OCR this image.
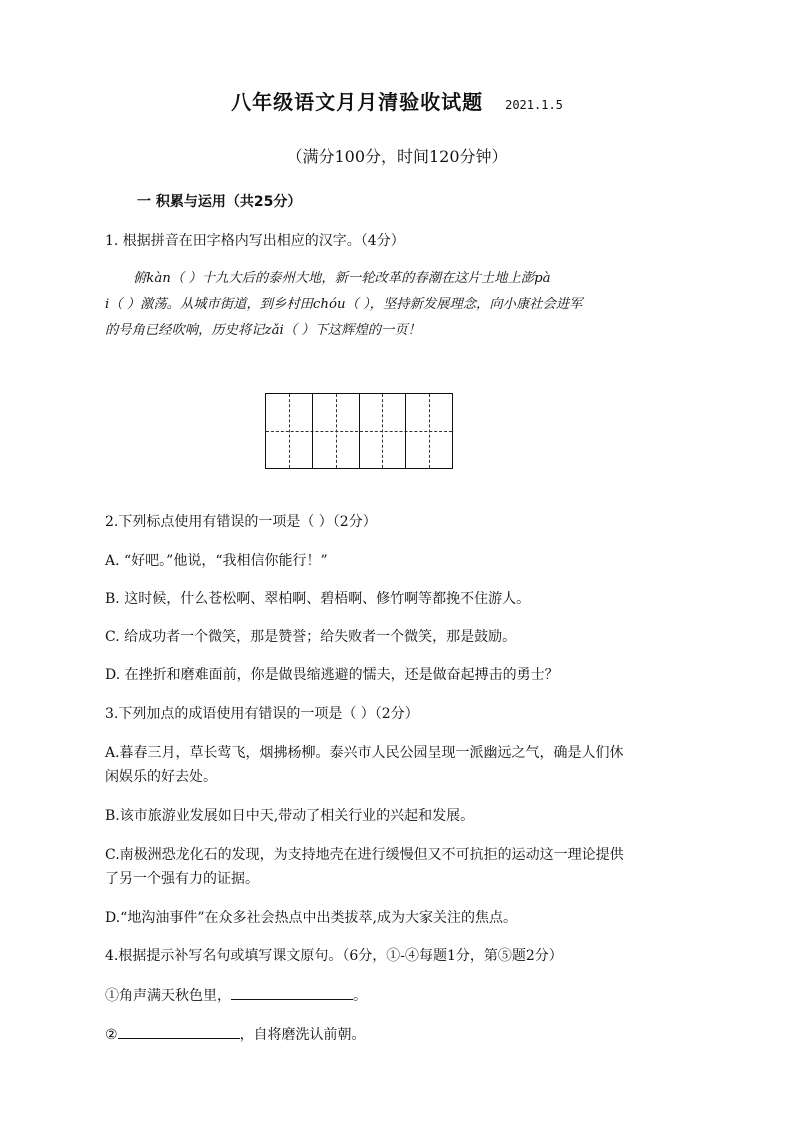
八年级语文月月清验收试题 2021.1.5
（满分100分，时间120分钟）
一 积累与运用（共25分）

1. 根据拼音在田字格内写出相应的汉字。（4分）

俯kàn（ ）十九大后的泰州大地，新一轮改革的春潮在这片土地上澎pà

i（ ）激荡。从城市街道，到乡村田chóu（ ），坚持新发展理念，向小康社会进军

的号角已经吹响，历史将记zǎi（ ）下这辉煌的一页！

2.下列标点使用有错误的一项是（ ）（2分）

A. “好吧。”他说，“我相信你能行！”

B. 这时候，什么苍松啊、翠柏啊、碧梧啊、修竹啊等都挽不住游人。

C. 给成功者一个微笑，那是赞誉；给失败者一个微笑，那是鼓励。

D. 在挫折和磨难面前，你是做畏缩逃避的懦夫，还是做奋起搏击的勇士？

3.下列加点的成语使用有错误的一项是（ ）（2分）

A.暮春三月，草长莺飞，烟拂杨柳。泰兴市人民公园呈现一派幽远之气，确是人们休

闲娱乐的好去处。

B.该市旅游业发展如日中天,带动了相关行业的兴起和发展。

C.南极洲恐龙化石的发现，为支持地壳在进行缓慢但又不可抗拒的运动这一理论提供

了另一个强有力的证据。

D.“地沟油事件”在众多社会热点中出类拔萃,成为大家关注的焦点。

4.根据提示补写名句或填写课文原句。（6分，①-④每题1分，第⑤题2分）

①角声满天秋色里，	。

②	，自将磨洗认前朝。
